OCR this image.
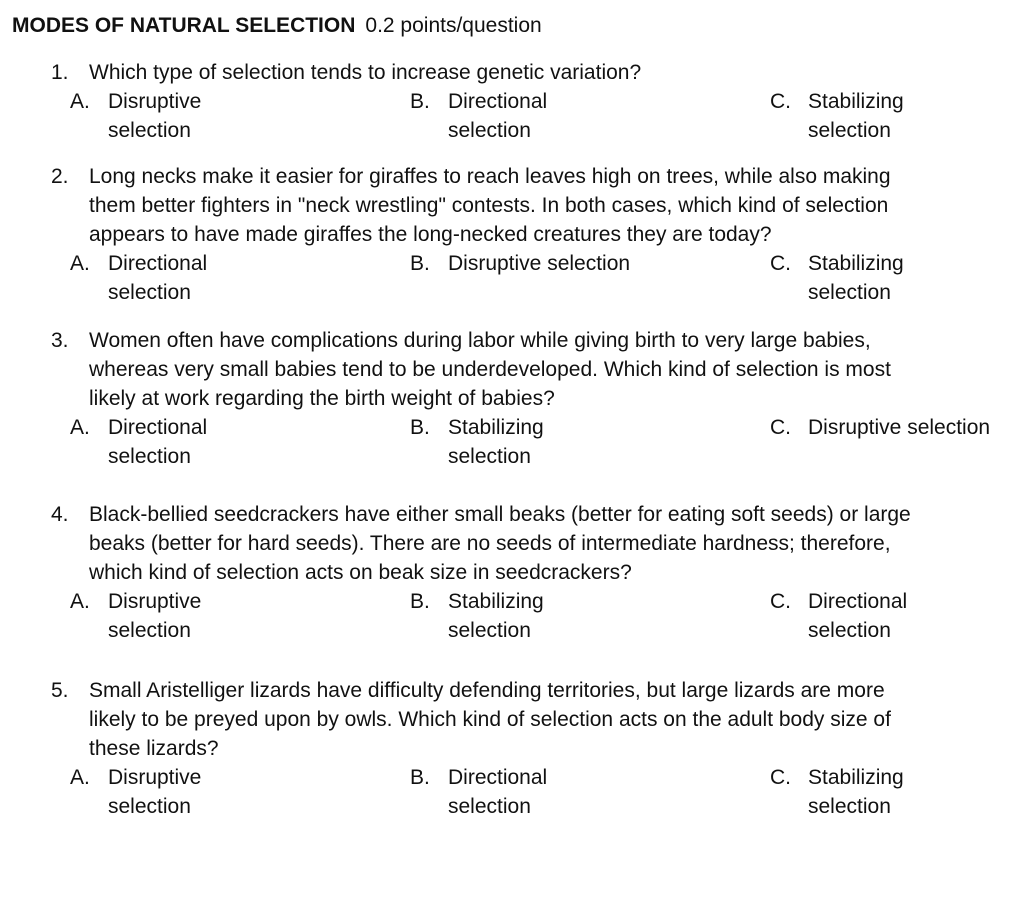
MODES OF NATURAL SELECTION 0.2 points/question
1. Which type of selection tends to increase genetic variation?
A. Disruptive
selection
B. Directional
selection
C. Stabilizing
selection
2. Long necks make it easier for giraffes to reach leaves high on trees, while also making
them better fighters in "neck wrestling" contests. In both cases, which kind of selection
appears to have made giraffes the long-necked creatures they are today?
A. Directional
selection
B. Disruptive selection	C. Stabilizing
selection
3. Women often have complications during labor while giving birth to very large babies,
whereas very small babies tend to be underdeveloped. Which kind of selection is most
likely at work regarding the birth weight of babies?
A. Directional
selection
B. Stabilizing
selection
C. Disruptive selection
4. Black-bellied seedcrackers have either small beaks (better for eating soft seeds) or large
beaks (better for hard seeds). There are no seeds of intermediate hardness; therefore,
which kind of selection acts on beak size in seedcrackers?
A. Disruptive
selection
B. Stabilizing
selection
C. Directional
selection
5. Small Aristelliger lizards have difficulty defending territories, but large lizards are more
likely to be preyed upon by owls. Which kind of selection acts on the adult body size of
these lizards?
A. Disruptive
selection
B. Directional
selection
C. Stabilizing
selection
